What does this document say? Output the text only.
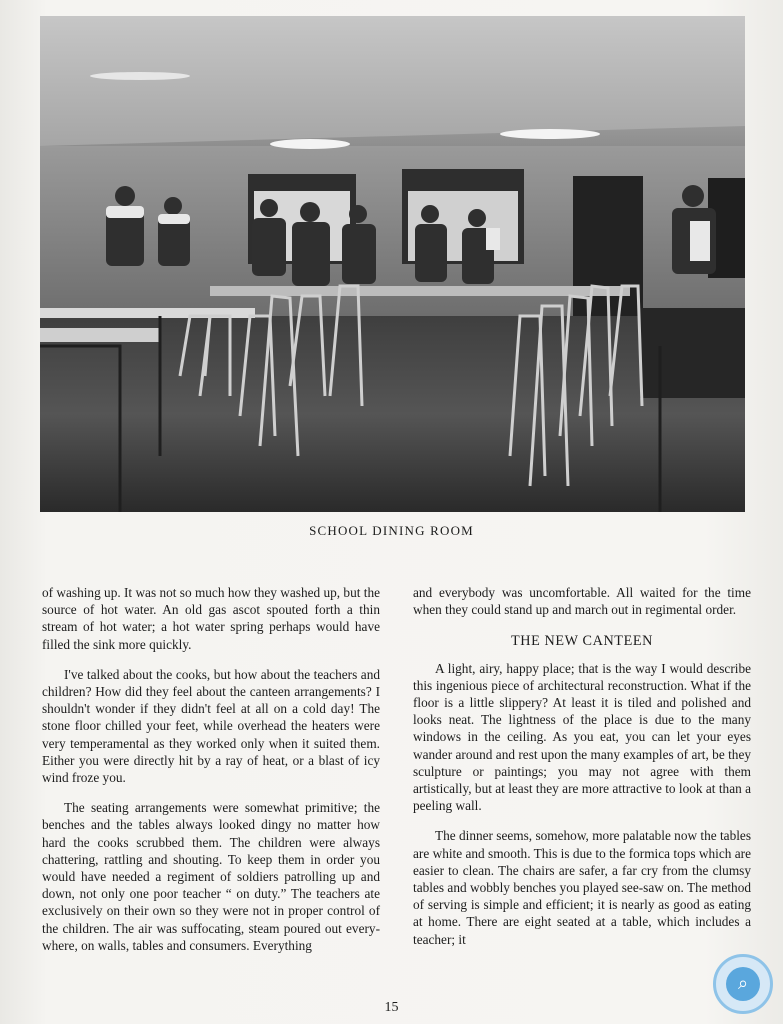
SCHOOL DINING ROOM

of washing up. It was not so much how they washed up, but the source of hot water. An old gas ascot spouted forth a thin stream of hot water; a hot water spring perhaps would have filled the sink more quickly.

I've talked about the cooks, but how about the teachers and children? How did they feel about the canteen arrangements? I shouldn't wonder if they didn't feel at all on a cold day! The stone floor chilled your feet, while overhead the heaters were very temperamental as they worked only when it suited them. Either you were directly hit by a ray of heat, or a blast of icy wind froze you.

The seating arrangements were somewhat primitive; the benches and the tables always looked dingy no matter how hard the cooks scrubbed them. The children were always chattering, rattling and shouting. To keep them in order you would have needed a regiment of soldiers patrolling up and down, not only one poor teacher “ on duty.” The teachers ate exclusively on their own so they were not in proper control of the children. The air was suffocating, steam poured out everywhere, on walls, tables and consumers. Everything

and everybody was uncomfortable. All waited for the time when they could stand up and march out in regimental order.

THE NEW CANTEEN

A light, airy, happy place; that is the way I would describe this ingenious piece of architectural reconstruction. What if the floor is a little slippery? At least it is tiled and polished and looks neat. The lightness of the place is due to the many windows in the ceiling. As you eat, you can let your eyes wander around and rest upon the many examples of art, be they sculpture or paintings; you may not agree with them artistically, but at least they are more attractive to look at than a peeling wall.

The dinner seems, somehow, more palatable now the tables are white and smooth. This is due to the formica tops which are easier to clean. The chairs are safer, a far cry from the clumsy tables and wobbly benches you played see-saw on. The method of serving is simple and efficient; it is nearly as good as eating at home. There are eight seated at a table, which includes a teacher; it

15
⌕
